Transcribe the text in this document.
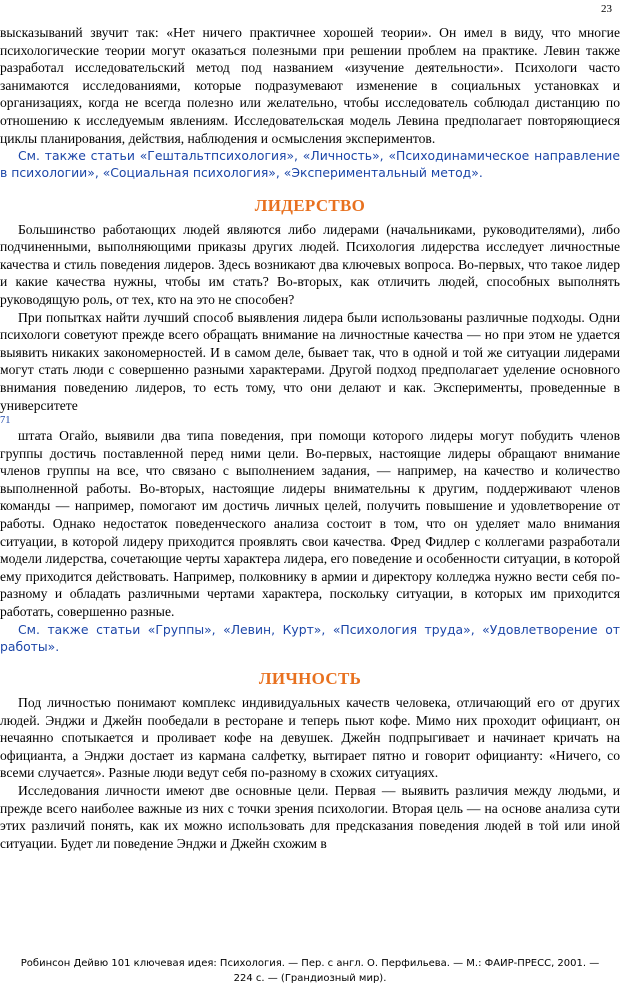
23

высказываний звучит так: «Нет ничего практичнее хорошей теории». Он имел в виду, что многие психологические теории могут оказаться полезными при решении проблем на практике. Левин также разработал исследовательский метод под названием «изучение деятельности». Психологи часто занимаются исследованиями, которые подразумевают изменение в социальных установках и организациях, когда не всегда полезно или желательно, чтобы исследователь соблюдал дистанцию по отношению к исследуемым явлениям. Исследовательская модель Левина предполагает повторяющиеся циклы планирования, действия, наблюдения и осмысления экспериментов.

См. также статьи «Гештальтпсихология», «Личность», «Психодинамическое направление в психологии», «Социальная психология», «Экспериментальный метод».

ЛИДЕРСТВО

Большинство работающих людей являются либо лидерами (начальниками, руководителями), либо подчиненными, выполняющими приказы других людей. Психология лидерства исследует личностные качества и стиль поведения лидеров. Здесь возникают два ключевых вопроса. Во-первых, что такое лидер и какие качества нужны, чтобы им стать? Во-вторых, как отличить людей, способных выполнять руководящую роль, от тех, кто на это не способен?

При попытках найти лучший способ выявления лидера были использованы различные подходы. Одни психологи советуют прежде всего обращать внимание на личностные качества — но при этом не удается выявить никаких закономерностей. И в самом деле, бывает так, что в одной и той же ситуации лидерами могут стать люди с совершенно разными характерами. Другой подход предполагает уделение основного внимания поведению лидеров, то есть тому, что они делают и как. Эксперименты, проведенные в университете

71

штата Огайо, выявили два типа поведения, при помощи которого лидеры могут побудить членов группы достичь поставленной перед ними цели. Во-первых, настоящие лидеры обращают внимание членов группы на все, что связано с выполнением задания, — например, на качество и количество выполненной работы. Во-вторых, настоящие лидеры внимательны к другим, поддерживают членов команды — например, помогают им достичь личных целей, получить повышение и удовлетворение от работы. Однако недостаток поведенческого анализа состоит в том, что он уделяет мало внимания ситуации, в которой лидеру приходится проявлять свои качества. Фред Фидлер с коллегами разработали модели лидерства, сочетающие черты характера лидера, его поведение и особенности ситуации, в которой ему приходится действовать. Например, полковнику в армии и директору колледжа нужно вести себя по-разному и обладать различными чертами характера, поскольку ситуации, в которых им приходится работать, совершенно разные.

См. также статьи «Группы», «Левин, Курт», «Психология труда», «Удовлетворение от работы».

ЛИЧНОСТЬ

Под личностью понимают комплекс индивидуальных качеств человека, отличающий его от других людей. Энджи и Джейн пообедали в ресторане и теперь пьют кофе. Мимо них проходит официант, он нечаянно спотыкается и проливает кофе на девушек. Джейн подпрыгивает и начинает кричать на официанта, а Энджи достает из кармана салфетку, вытирает пятно и говорит официанту: «Ничего, со всеми случается». Разные люди ведут себя по-разному в схожих ситуациях.

Исследования личности имеют две основные цели. Первая — выявить различия между людьми, и прежде всего наиболее важные из них с точки зрения психологии. Вторая цель — на основе анализа сути этих различий понять, как их можно использовать для предсказания поведения людей в той или иной ситуации. Будет ли поведение Энджи и Джейн схожим в

Робинсон Дейвю 101 ключевая идея: Психология. — Пер. с англ. О. Перфильева. — М.: ФАИР-ПРЕСС, 2001. —
224 с. — (Грандиозный мир).
